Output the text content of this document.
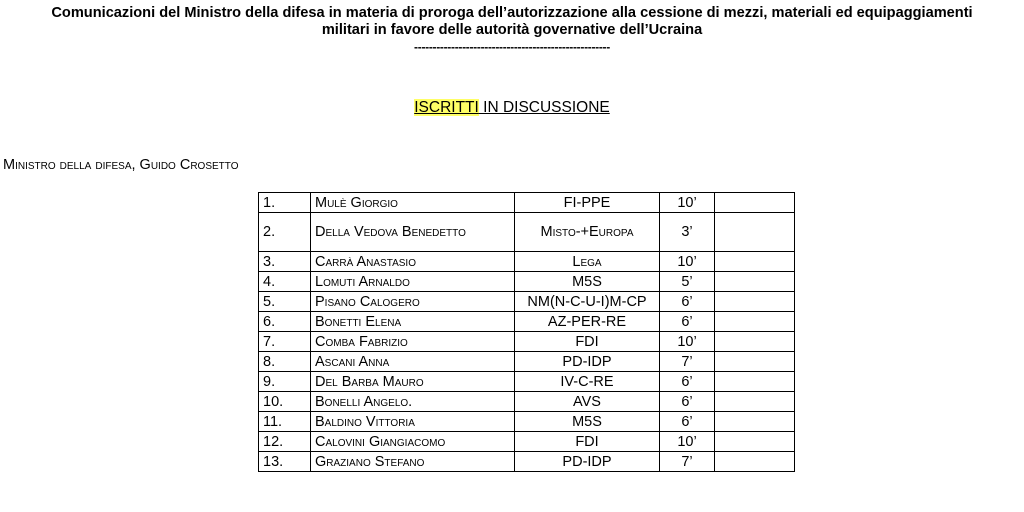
Comunicazioni del Ministro della difesa in materia di proroga dell’autorizzazione alla cessione di mezzi, materiali ed equipaggiamenti
militari in favore delle autorità governative dell’Ucraina
-----------------------------------------------------
ISCRITTI IN DISCUSSIONE
Ministro della difesa, Guido Crosetto
1.	Mulè Giorgio	FI-PPE	10’	
2.	Della Vedova Benedetto	Misto-+Europa	3’	
3.	Carrà Anastasio	Lega	10’	
4.	Lomuti Arnaldo	M5S	5’	
5.	Pisano Calogero	NM(N-C-U-I)M-CP	6’	
6.	Bonetti Elena	AZ-PER-RE	6’	
7.	Comba Fabrizio	FDI	10’	
8.	Ascani Anna	PD-IDP	7’	
9.	Del Barba Mauro	IV-C-RE	6’	
10.	Bonelli Angelo.	AVS	6’	
11.	Baldino Vittoria	M5S	6’	
12.	Calovini Giangiacomo	FDI	10’	
13.	Graziano Stefano	PD-IDP	7’	
